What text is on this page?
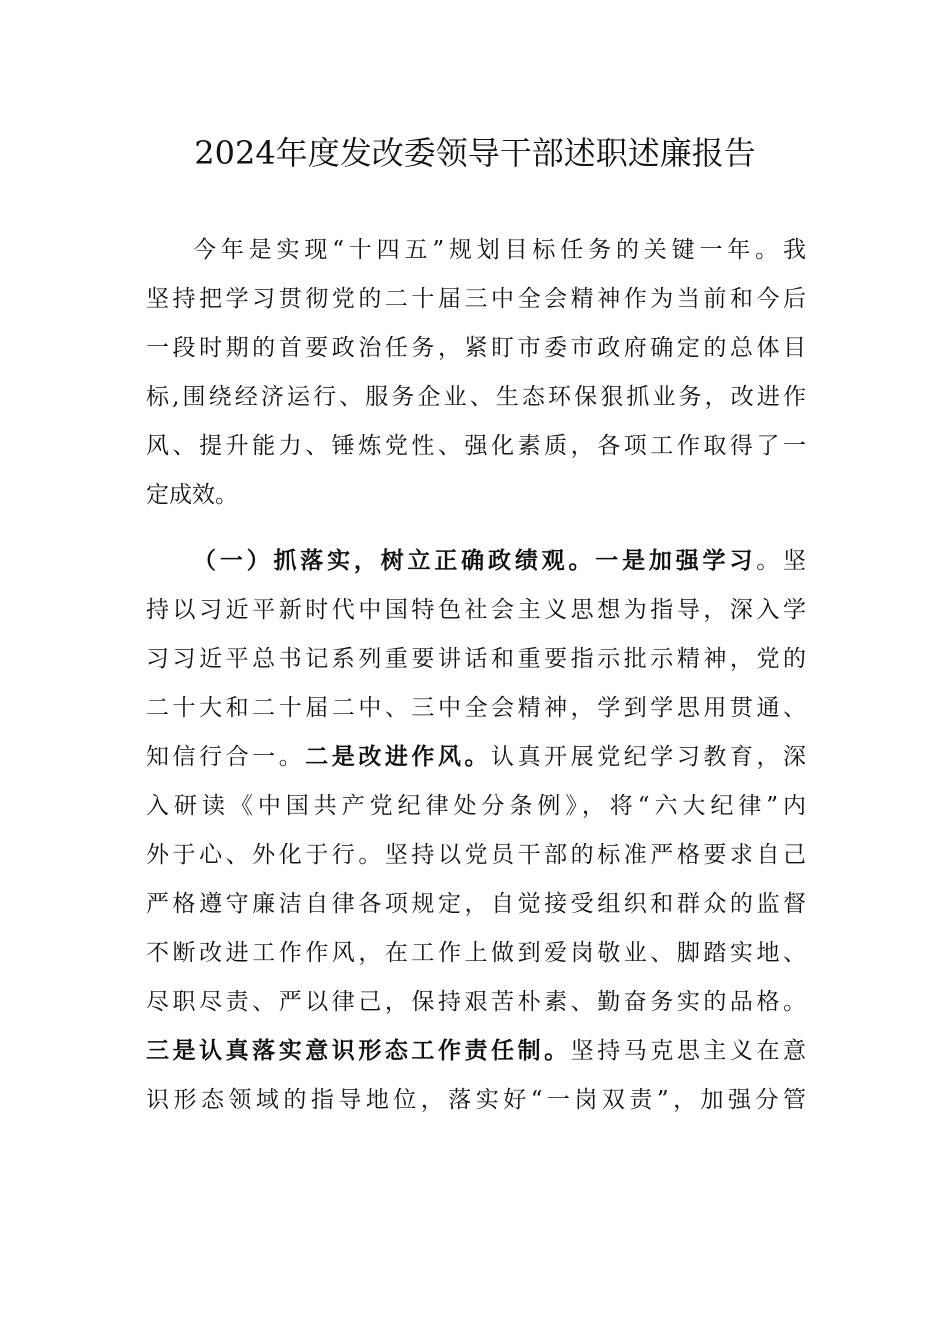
2024年度发改委领导干部述职述廉报告
今年是实现“十四五”规划目标任务的关键一年。我
坚持把学习贯彻党的二十届三中全会精神作为当前和今后
一段时期的首要政治任务，紧盯市委市政府确定的总体目
标,围绕经济运行、服务企业、生态环保狠抓业务，改进作
风、提升能力、锤炼党性、强化素质，各项工作取得了一
定成效。
（一）抓落实，树立正确政绩观。一是加强学习。坚
持以习近平新时代中国特色社会主义思想为指导，深入学
习习近平总书记系列重要讲话和重要指示批示精神，党的
二十大和二十届二中、三中全会精神，学到学思用贯通、
知信行合一。二是改进作风。认真开展党纪学习教育，深
入研读《中国共产党纪律处分条例》，将“六大纪律”内
外于心、外化于行。坚持以党员干部的标准严格要求自己
严格遵守廉洁自律各项规定，自觉接受组织和群众的监督
不断改进工作作风，在工作上做到爱岗敬业、脚踏实地、
尽职尽责、严以律己，保持艰苦朴素、勤奋务实的品格。
三是认真落实意识形态工作责任制。坚持马克思主义在意
识形态领域的指导地位，落实好“一岗双责”，加强分管
